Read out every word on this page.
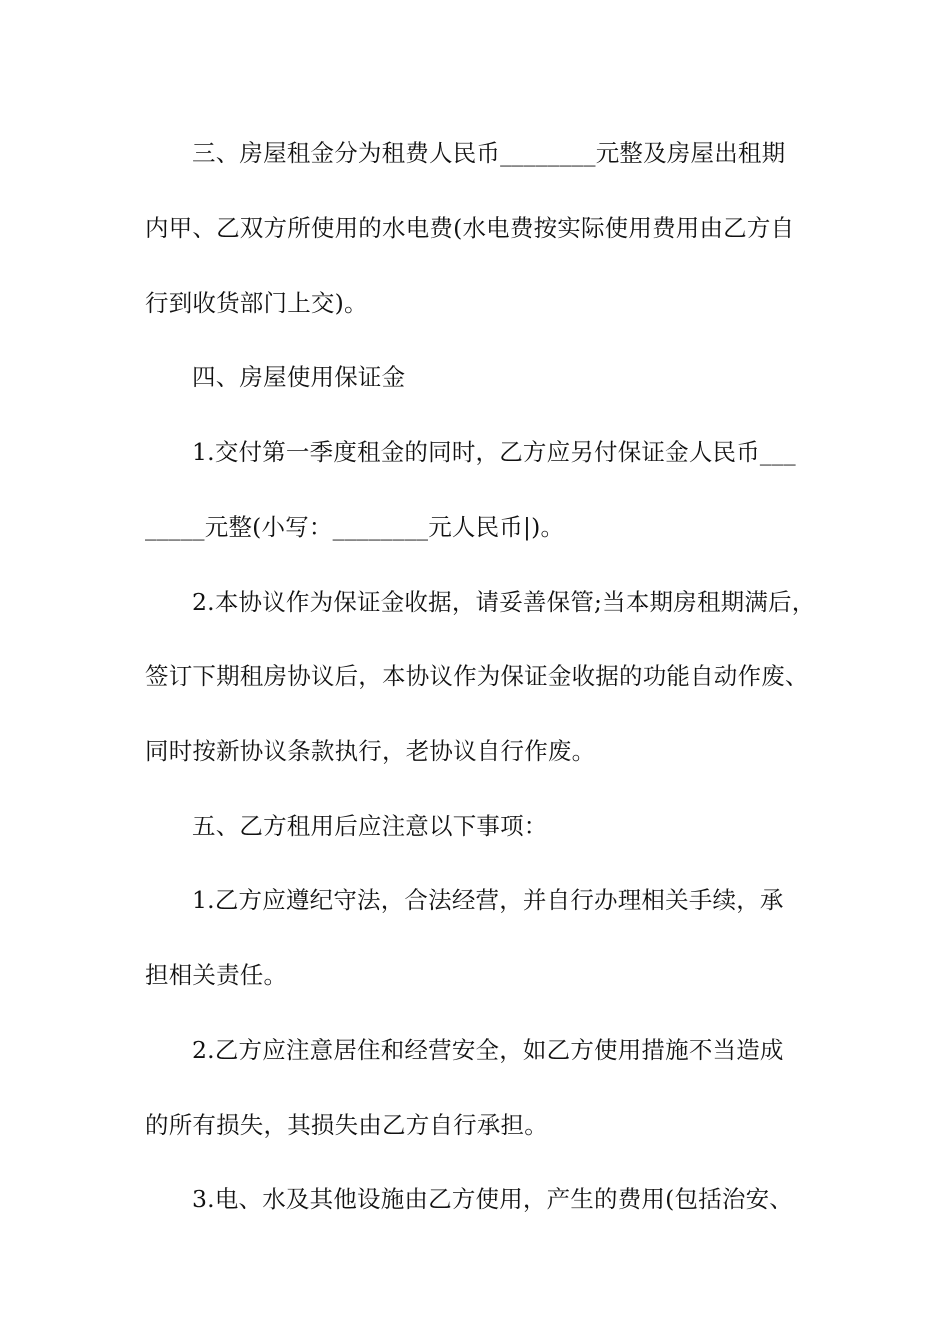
三、房屋租金分为租费人民币________元整及房屋出租期
内甲、乙双方所使用的水电费(水电费按实际使用费用由乙方自
行到收货部门上交)。
四、房屋使用保证金
1.交付第一季度租金的同时，乙方应另付保证金人民币___
_____元整(小写：________元人民币|)。
2.本协议作为保证金收据，请妥善保管;当本期房租期满后，
签订下期租房协议后，本协议作为保证金收据的功能自动作废、
同时按新协议条款执行，老协议自行作废。
五、乙方租用后应注意以下事项：
1.乙方应遵纪守法，合法经营，并自行办理相关手续，承
担相关责任。
2.乙方应注意居住和经营安全，如乙方使用措施不当造成
的所有损失，其损失由乙方自行承担。
3.电、水及其他设施由乙方使用，产生的费用(包括治安、
